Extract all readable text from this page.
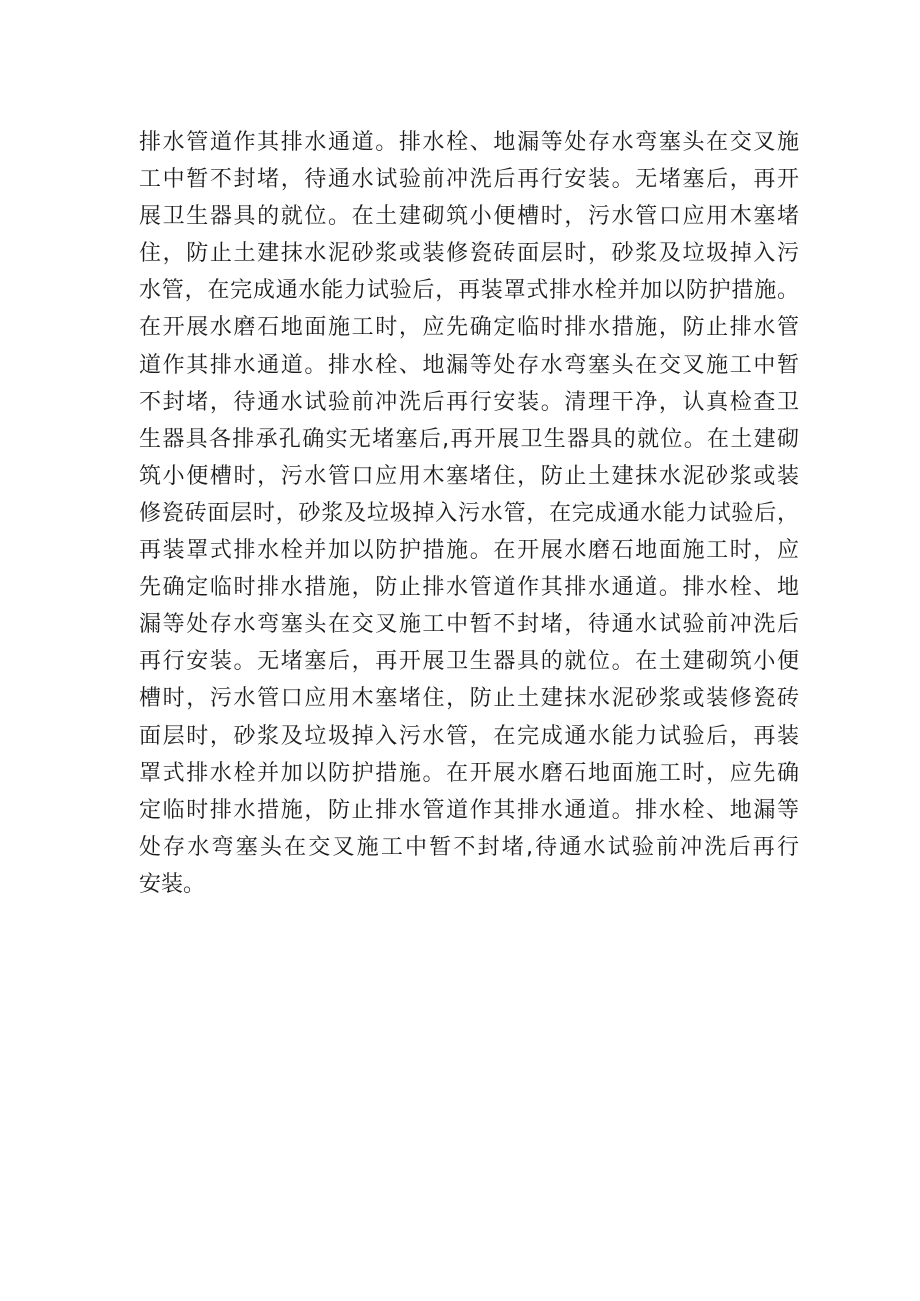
排水管道作其排水通道。排水栓、地漏等处存水弯塞头在交叉施
工中暂不封堵，待通水试验前冲洗后再行安装。无堵塞后，再开
展卫生器具的就位。在土建砌筑小便槽时，污水管口应用木塞堵
住，防止土建抹水泥砂浆或装修瓷砖面层时，砂浆及垃圾掉入污
水管，在完成通水能力试验后，再装罩式排水栓并加以防护措施。
在开展水磨石地面施工时，应先确定临时排水措施，防止排水管
道作其排水通道。排水栓、地漏等处存水弯塞头在交叉施工中暂
不封堵，待通水试验前冲洗后再行安装。清理干净，认真检查卫
生器具各排承孔确实无堵塞后,再开展卫生器具的就位。在土建砌
筑小便槽时，污水管口应用木塞堵住，防止土建抹水泥砂浆或装
修瓷砖面层时，砂浆及垃圾掉入污水管，在完成通水能力试验后，
再装罩式排水栓并加以防护措施。在开展水磨石地面施工时，应
先确定临时排水措施，防止排水管道作其排水通道。排水栓、地
漏等处存水弯塞头在交叉施工中暂不封堵，待通水试验前冲洗后
再行安装。无堵塞后，再开展卫生器具的就位。在土建砌筑小便
槽时，污水管口应用木塞堵住，防止土建抹水泥砂浆或装修瓷砖
面层时，砂浆及垃圾掉入污水管，在完成通水能力试验后，再装
罩式排水栓并加以防护措施。在开展水磨石地面施工时，应先确
定临时排水措施，防止排水管道作其排水通道。排水栓、地漏等
处存水弯塞头在交叉施工中暂不封堵,待通水试验前冲洗后再行
安装。
